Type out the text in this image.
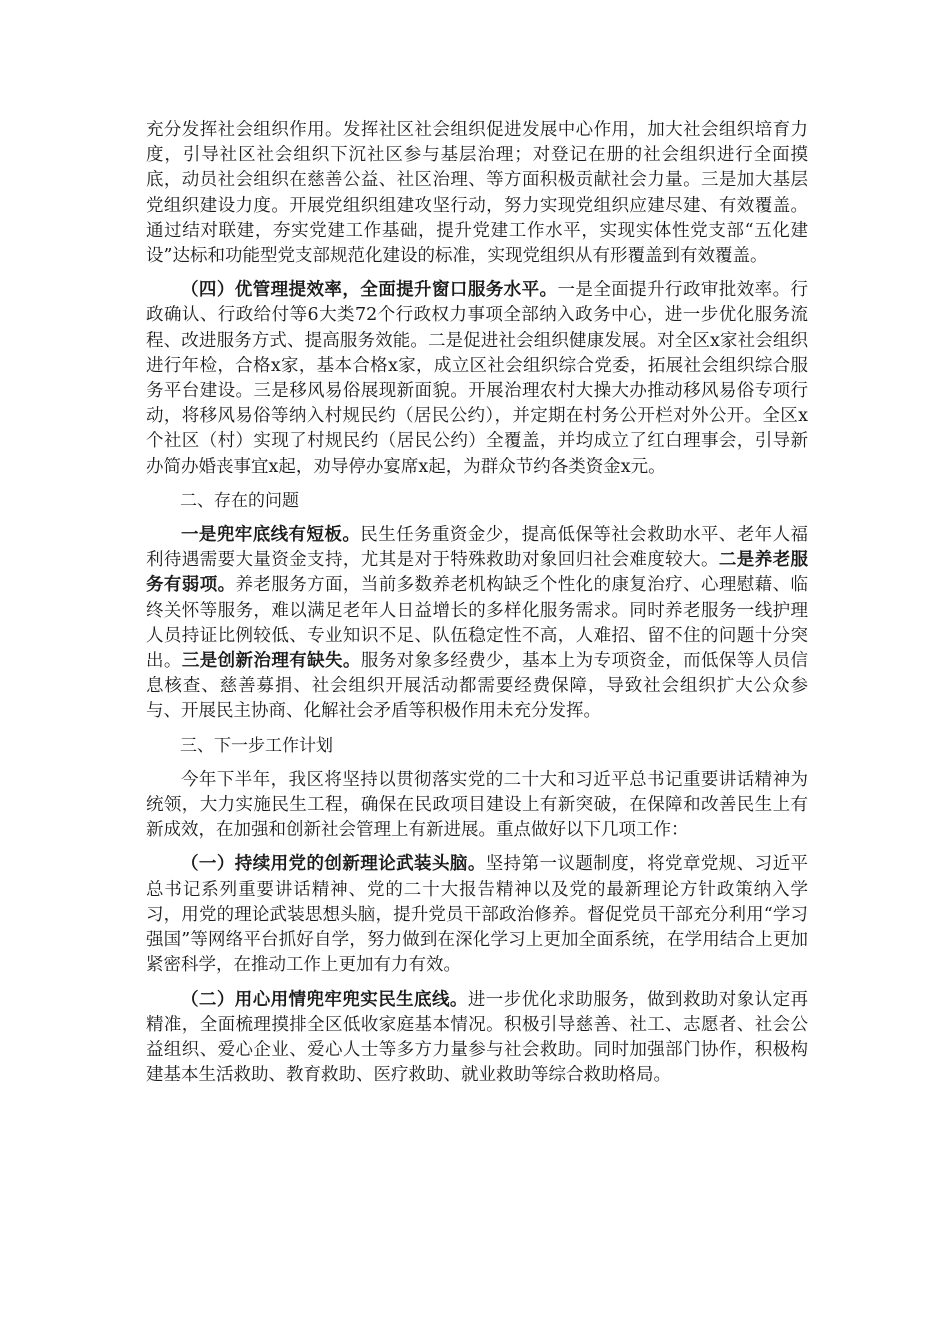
充分发挥社会组织作用。发挥社区社会组织促进发展中心作用，加大社会组织培育力度，引导社区社会组织下沉社区参与基层治理；对登记在册的社会组织进行全面摸底，动员社会组织在慈善公益、社区治理、等方面积极贡献社会力量。三是加大基层党组织建设力度。开展党组织组建攻坚行动，努力实现党组织应建尽建、有效覆盖。通过结对联建，夯实党建工作基础，提升党建工作水平，实现实体性党支部“五化建设”达标和功能型党支部规范化建设的标准，实现党组织从有形覆盖到有效覆盖。

（四）优管理提效率，全面提升窗口服务水平。一是全面提升行政审批效率。行政确认、行政给付等6大类72个行政权力事项全部纳入政务中心，进一步优化服务流程、改进服务方式、提高服务效能。二是促进社会组织健康发展。对全区x家社会组织进行年检，合格x家，基本合格x家，成立区社会组织综合党委，拓展社会组织综合服务平台建设。三是移风易俗展现新面貌。开展治理农村大操大办推动移风易俗专项行动，将移风易俗等纳入村规民约（居民公约），并定期在村务公开栏对外公开。全区x个社区（村）实现了村规民约（居民公约）全覆盖，并均成立了红白理事会，引导新办简办婚丧事宜x起，劝导停办宴席x起，为群众节约各类资金x元。

二、存在的问题

一是兜牢底线有短板。民生任务重资金少，提高低保等社会救助水平、老年人福利待遇需要大量资金支持，尤其是对于特殊救助对象回归社会难度较大。二是养老服务有弱项。养老服务方面，当前多数养老机构缺乏个性化的康复治疗、心理慰藉、临终关怀等服务，难以满足老年人日益增长的多样化服务需求。同时养老服务一线护理人员持证比例较低、专业知识不足、队伍稳定性不高，人难招、留不住的问题十分突出。三是创新治理有缺失。服务对象多经费少，基本上为专项资金，而低保等人员信息核查、慈善募捐、社会组织开展活动都需要经费保障，导致社会组织扩大公众参与、开展民主协商、化解社会矛盾等积极作用未充分发挥。

三、下一步工作计划

今年下半年，我区将坚持以贯彻落实党的二十大和习近平总书记重要讲话精神为统领，大力实施民生工程，确保在民政项目建设上有新突破，在保障和改善民生上有新成效，在加强和创新社会管理上有新进展。重点做好以下几项工作：

（一）持续用党的创新理论武装头脑。坚持第一议题制度，将党章党规、习近平总书记系列重要讲话精神、党的二十大报告精神以及党的最新理论方针政策纳入学习，用党的理论武装思想头脑，提升党员干部政治修养。督促党员干部充分利用“学习强国”等网络平台抓好自学，努力做到在深化学习上更加全面系统，在学用结合上更加紧密科学，在推动工作上更加有力有效。

（二）用心用情兜牢兜实民生底线。进一步优化求助服务，做到救助对象认定再精准，全面梳理摸排全区低收家庭基本情况。积极引导慈善、社工、志愿者、社会公益组织、爱心企业、爱心人士等多方力量参与社会救助。同时加强部门协作，积极构建基本生活救助、教育救助、医疗救助、就业救助等综合救助格局。
